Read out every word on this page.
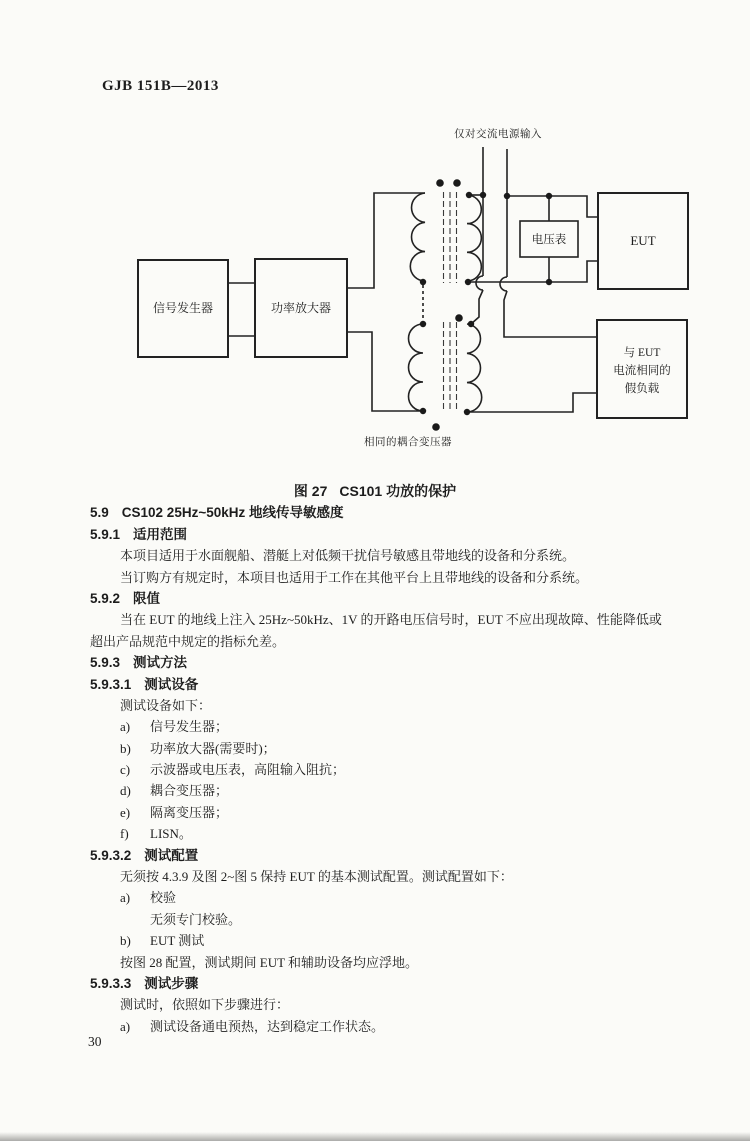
GJB 151B—2013
仅对交流电源输入
信号发生器	功率放大器
电压表	EUT
与 EUT
电流相同的
假负载
相同的耦合变压器
图 27 CS101 功放的保护
5.9 CS102 25Hz~50kHz 地线传导敏感度
5.9.1 适用范围
本项目适用于水面舰船、潜艇上对低频干扰信号敏感且带地线的设备和分系统。
当订购方有规定时，本项目也适用于工作在其他平台上且带地线的设备和分系统。
5.9.2 限值
当在 EUT 的地线上注入 25Hz~50kHz、1V 的开路电压信号时，EUT 不应出现故障、性能降低或
超出产品规范中规定的指标允差。
5.9.3 测试方法
5.9.3.1 测试设备
测试设备如下：
a) 信号发生器；
b) 功率放大器(需要时)；
c) 示波器或电压表，高阻输入阻抗；
d) 耦合变压器；
e) 隔离变压器；
f) LISN。
5.9.3.2 测试配置
无须按 4.3.9 及图 2~图 5 保持 EUT 的基本测试配置。测试配置如下：
a) 校验
无须专门校验。
b) EUT 测试
按图 28 配置，测试期间 EUT 和辅助设备均应浮地。
5.9.3.3 测试步骤
测试时，依照如下步骤进行：
a) 测试设备通电预热，达到稳定工作状态。
30
